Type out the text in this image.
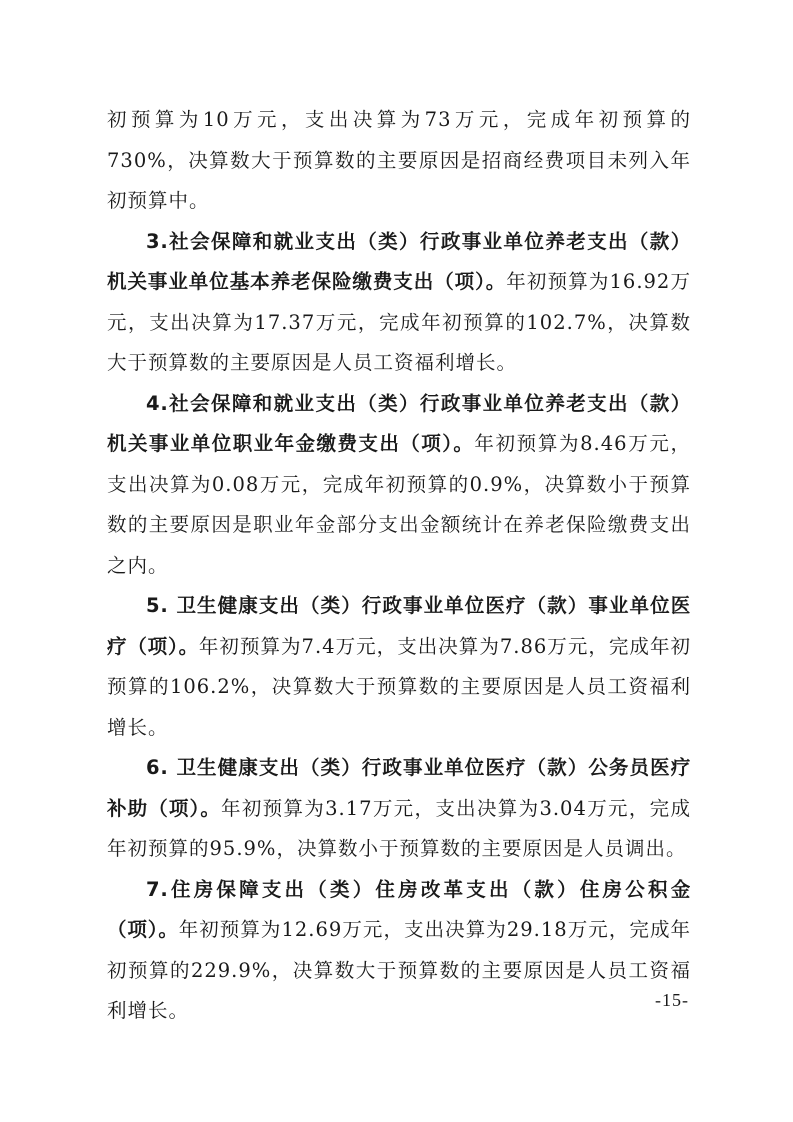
初预算为10万元，支出决算为73万元，完成年初预算的730%，决算数大于预算数的主要原因是招商经费项目未列入年初预算中。

3.社会保障和就业支出（类）行政事业单位养老支出（款）机关事业单位基本养老保险缴费支出（项）。年初预算为16.92万元，支出决算为17.37万元，完成年初预算的102.7%，决算数大于预算数的主要原因是人员工资福利增长。

4.社会保障和就业支出（类）行政事业单位养老支出（款）机关事业单位职业年金缴费支出（项）。年初预算为8.46万元，支出决算为0.08万元，完成年初预算的0.9%，决算数小于预算数的主要原因是职业年金部分支出金额统计在养老保险缴费支出之内。

5. 卫生健康支出（类）行政事业单位医疗（款）事业单位医疗（项）。年初预算为7.4万元，支出决算为7.86万元，完成年初预算的106.2%，决算数大于预算数的主要原因是人员工资福利增长。

6. 卫生健康支出（类）行政事业单位医疗（款）公务员医疗补助（项）。年初预算为3.17万元，支出决算为3.04万元，完成年初预算的95.9%，决算数小于预算数的主要原因是人员调出。

7.住房保障支出（类）住房改革支出（款）住房公积金（项）。年初预算为12.69万元，支出决算为29.18万元，完成年初预算的229.9%，决算数大于预算数的主要原因是人员工资福利增长。	-15-
